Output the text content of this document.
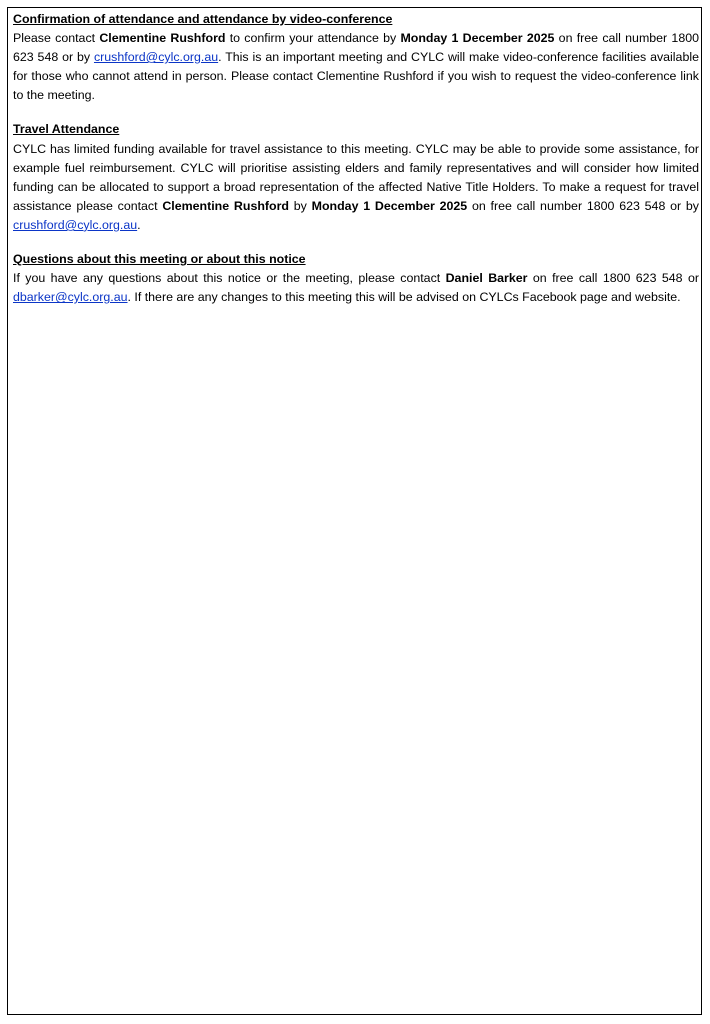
Confirmation of attendance and attendance by video-conference
Please contact Clementine Rushford to confirm your attendance by Monday 1 December 2025 on free call number 1800 623 548 or by crushford@cylc.org.au. This is an important meeting and CYLC will make video-conference facilities available for those who cannot attend in person. Please contact Clementine Rushford if you wish to request the video-conference link to the meeting.
Travel Attendance
CYLC has limited funding available for travel assistance to this meeting. CYLC may be able to provide some assistance, for example fuel reimbursement. CYLC will prioritise assisting elders and family representatives and will consider how limited funding can be allocated to support a broad representation of the affected Native Title Holders. To make a request for travel assistance please contact Clementine Rushford by Monday 1 December 2025 on free call number 1800 623 548 or by crushford@cylc.org.au.
Questions about this meeting or about this notice
If you have any questions about this notice or the meeting, please contact Daniel Barker on free call 1800 623 548 or dbarker@cylc.org.au. If there are any changes to this meeting this will be advised on CYLCs Facebook page and website.
